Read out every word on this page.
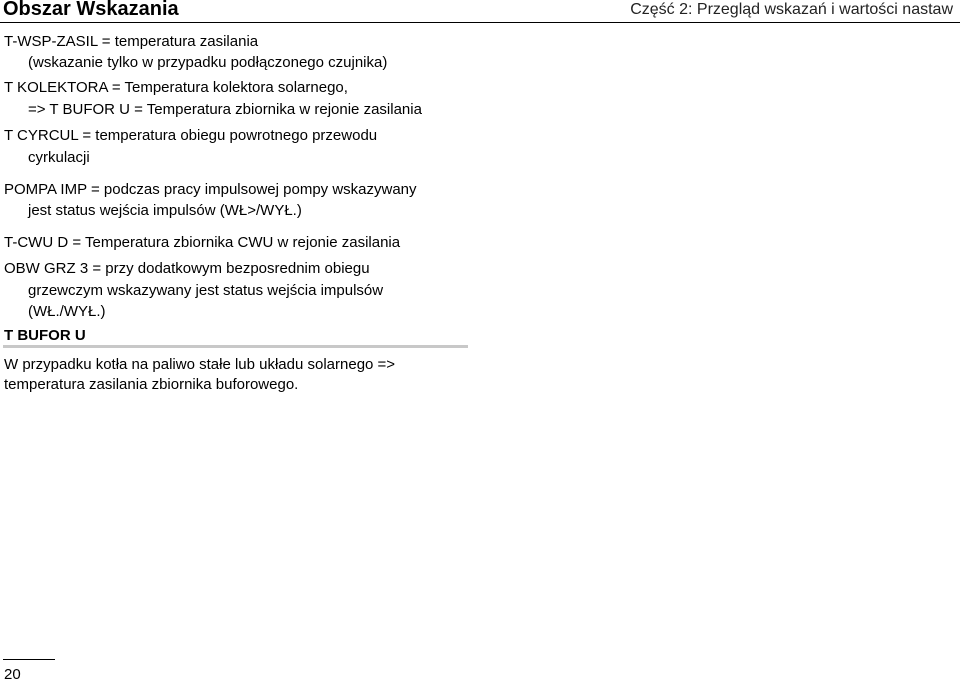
Obszar Wskazania	Część 2: Przegląd wskazań i wartości nastaw
T-WSP-ZASIL = temperatura zasilania
(wskazanie tylko w przypadku podłączonego czujnika)
T KOLEKTORA = Temperatura kolektora solarnego,
=> T BUFOR U = Temperatura zbiornika w rejonie zasilania
T CYRCUL = temperatura obiegu powrotnego przewodu
cyrkulacji
POMPA IMP = podczas pracy impulsowej pompy wskazywany
jest status wejścia impulsów (WŁ>/WYŁ.)
T-CWU D = Temperatura zbiornika CWU w rejonie zasilania
OBW GRZ 3 = przy dodatkowym bezposrednim obiegu
grzewczym wskazywany jest status wejścia impulsów
(WŁ./WYŁ.)
T BUFOR U
W przypadku kotła na paliwo stałe lub układu solarnego =>
temperatura zasilania zbiornika buforowego.
20
